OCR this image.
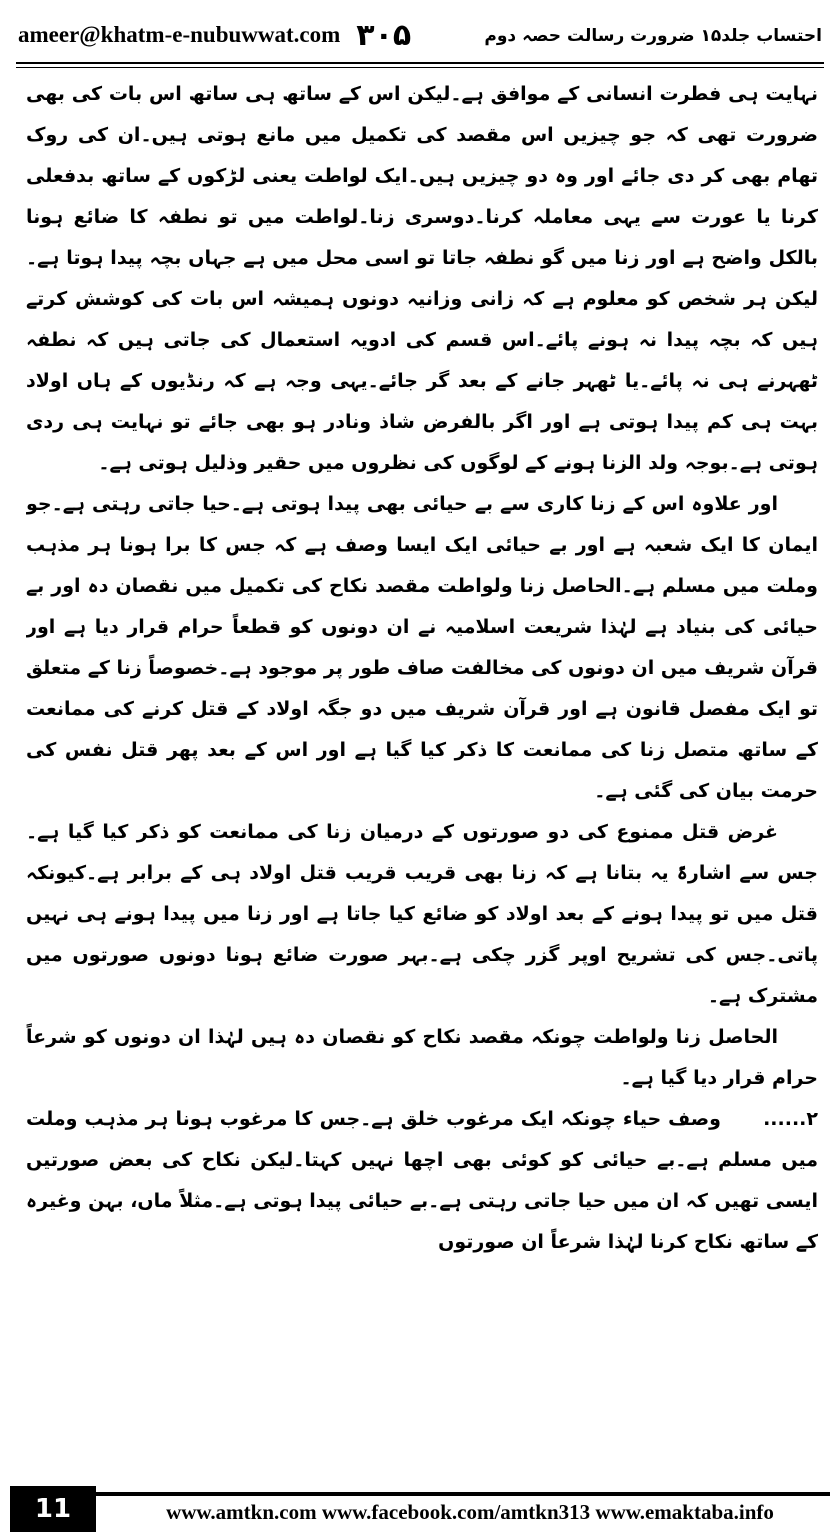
ameer@khatm-e-nubuwwat.com ۳۰۵	احتساب جلد۱۵ ضرورت رسالت حصہ دوم

نہایت ہی فطرت انسانی کے موافق ہے۔لیکن اس کے ساتھ ہی ساتھ اس بات کی بھی ضرورت تھی کہ جو چیزیں اس مقصد کی تکمیل میں مانع ہوتی ہیں۔ان کی روک تھام بھی کر دی جائے اور وہ دو چیزیں ہیں۔ایک لواطت یعنی لڑکوں کے ساتھ بدفعلی کرنا یا عورت سے یہی معاملہ کرنا۔دوسری زنا۔لواطت میں تو نطفہ کا ضائع ہونا بالکل واضح ہے اور زنا میں گو نطفہ جاتا تو اسی محل میں ہے جہاں بچہ پیدا ہوتا ہے۔لیکن ہر شخص کو معلوم ہے کہ زانی وزانیہ دونوں ہمیشہ اس بات کی کوشش کرتے ہیں کہ بچہ پیدا نہ ہونے پائے۔اس قسم کی ادویہ استعمال کی جاتی ہیں کہ نطفہ ٹھہرنے ہی نہ پائے۔یا ٹھہر جانے کے بعد گر جائے۔یہی وجہ ہے کہ رنڈیوں کے ہاں اولاد بہت ہی کم پیدا ہوتی ہے اور اگر بالفرض شاذ ونادر ہو بھی جائے تو نہایت ہی ردی ہوتی ہے۔بوجہ ولد الزنا ہونے کے لوگوں کی نظروں میں حقیر وذلیل ہوتی ہے۔

اور علاوہ اس کے زنا کاری سے بے حیائی بھی پیدا ہوتی ہے۔حیا جاتی رہتی ہے۔جو ایمان کا ایک شعبہ ہے اور بے حیائی ایک ایسا وصف ہے کہ جس کا برا ہونا ہر مذہب وملت میں مسلم ہے۔الحاصل زنا ولواطت مقصد نکاح کی تکمیل میں نقصان دہ اور بے حیائی کی بنیاد ہے لہٰذا شریعت اسلامیہ نے ان دونوں کو قطعاً حرام قرار دیا ہے اور قرآن شریف میں ان دونوں کی مخالفت صاف طور پر موجود ہے۔خصوصاً زنا کے متعلق تو ایک مفصل قانون ہے اور قرآن شریف میں دو جگہ اولاد کے قتل کرنے کی ممانعت کے ساتھ متصل زنا کی ممانعت کا ذکر کیا گیا ہے اور اس کے بعد پھر قتل نفس کی حرمت بیان کی گئی ہے۔

غرض قتل ممنوع کی دو صورتوں کے درمیان زنا کی ممانعت کو ذکر کیا گیا ہے۔جس سے اشارۃً یہ بتانا ہے کہ زنا بھی قریب قریب قتل اولاد ہی کے برابر ہے۔کیونکہ قتل میں تو پیدا ہونے کے بعد اولاد کو ضائع کیا جاتا ہے اور زنا میں پیدا ہونے ہی نہیں پاتی۔جس کی تشریح اوپر گزر چکی ہے۔بہر صورت ضائع ہونا دونوں صورتوں میں مشترک ہے۔

الحاصل زنا ولواطت چونکہ مقصد نکاح کو نقصان دہ ہیں لہٰذا ان دونوں کو شرعاً حرام قرار دیا گیا ہے۔

۲...... وصف حیاء چونکہ ایک مرغوب خلق ہے۔جس کا مرغوب ہونا ہر مذہب وملت میں مسلم ہے۔بے حیائی کو کوئی بھی اچھا نہیں کہتا۔لیکن نکاح کی بعض صورتیں ایسی تھیں کہ ان میں حیا جاتی رہتی ہے۔بے حیائی پیدا ہوتی ہے۔مثلاً ماں، بہن وغیرہ کے ساتھ نکاح کرنا لہٰذا شرعاً ان صورتوں

11	www.amtkn.com www.facebook.com/amtkn313 www.emaktaba.info
